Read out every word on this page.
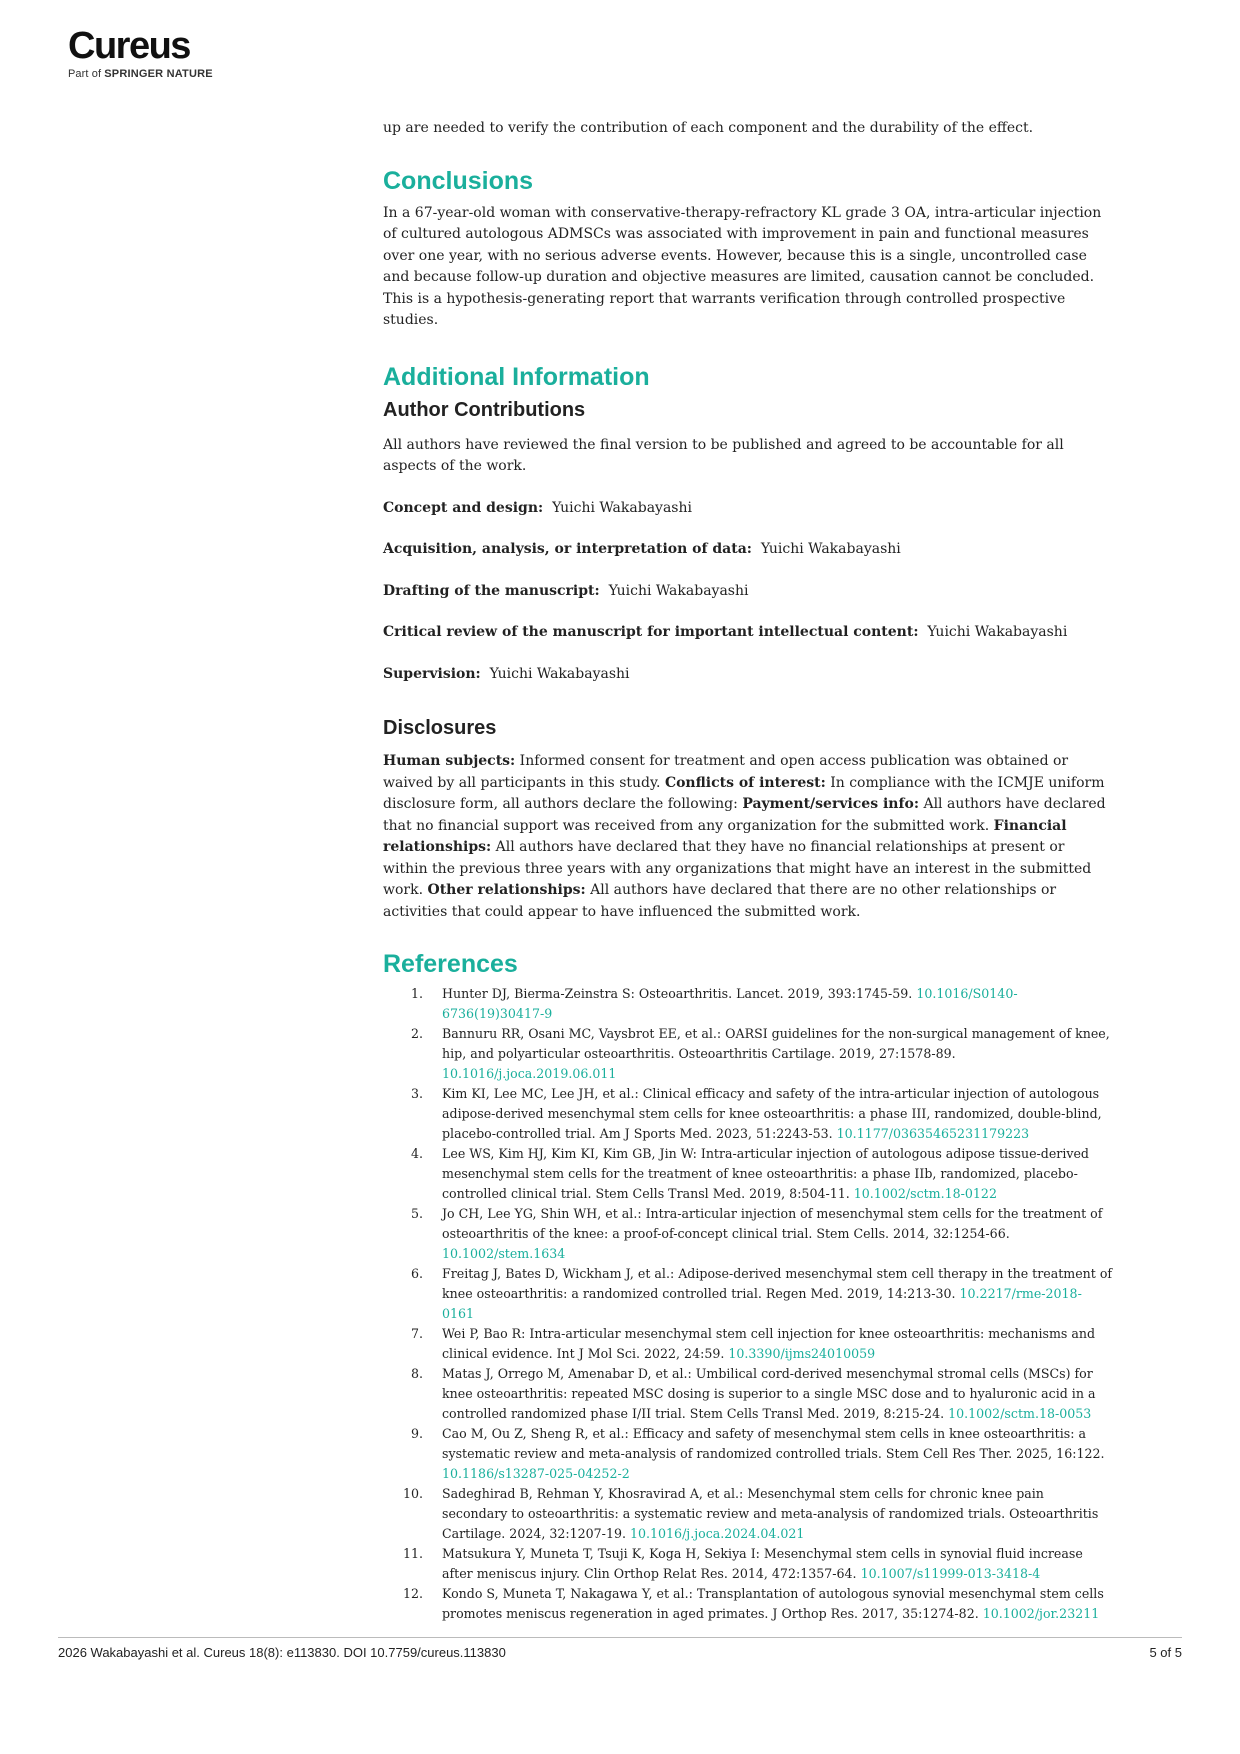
Cureus
Part of SPRINGER NATURE

up are needed to verify the contribution of each component and the durability of the effect.

Conclusions

In a 67-year-old woman with conservative-therapy-refractory KL grade 3 OA, intra-articular injection of cultured autologous ADMSCs was associated with improvement in pain and functional measures over one year, with no serious adverse events. However, because this is a single, uncontrolled case and because follow-up duration and objective measures are limited, causation cannot be concluded. This is a hypothesis-generating report that warrants verification through controlled prospective studies.

Additional Information
Author Contributions

All authors have reviewed the final version to be published and agreed to be accountable for all aspects of the work.

Concept and design: Yuichi Wakabayashi

Acquisition, analysis, or interpretation of data: Yuichi Wakabayashi

Drafting of the manuscript: Yuichi Wakabayashi

Critical review of the manuscript for important intellectual content: Yuichi Wakabayashi

Supervision: Yuichi Wakabayashi

Disclosures

Human subjects: Informed consent for treatment and open access publication was obtained or waived by all participants in this study. Conflicts of interest: In compliance with the ICMJE uniform disclosure form, all authors declare the following: Payment/services info: All authors have declared that no financial support was received from any organization for the submitted work. Financial relationships: All authors have declared that they have no financial relationships at present or within the previous three years with any organizations that might have an interest in the submitted work. Other relationships: All authors have declared that there are no other relationships or activities that could appear to have influenced the submitted work.

References
1. Hunter DJ, Bierma-Zeinstra S: Osteoarthritis. Lancet. 2019, 393:1745-59. 10.1016/S0140-6736(19)30417-9
2. Bannuru RR, Osani MC, Vaysbrot EE, et al.: OARSI guidelines for the non-surgical management of knee, hip, and polyarticular osteoarthritis. Osteoarthritis Cartilage. 2019, 27:1578-89. 10.1016/j.joca.2019.06.011
3. Kim KI, Lee MC, Lee JH, et al.: Clinical efficacy and safety of the intra-articular injection of autologous adipose-derived mesenchymal stem cells for knee osteoarthritis: a phase III, randomized, double-blind, placebo-controlled trial. Am J Sports Med. 2023, 51:2243-53. 10.1177/03635465231179223
4. Lee WS, Kim HJ, Kim KI, Kim GB, Jin W: Intra-articular injection of autologous adipose tissue-derived mesenchymal stem cells for the treatment of knee osteoarthritis: a phase IIb, randomized, placebo-controlled clinical trial. Stem Cells Transl Med. 2019, 8:504-11. 10.1002/sctm.18-0122
5. Jo CH, Lee YG, Shin WH, et al.: Intra-articular injection of mesenchymal stem cells for the treatment of osteoarthritis of the knee: a proof-of-concept clinical trial. Stem Cells. 2014, 32:1254-66. 10.1002/stem.1634
6. Freitag J, Bates D, Wickham J, et al.: Adipose-derived mesenchymal stem cell therapy in the treatment of knee osteoarthritis: a randomized controlled trial. Regen Med. 2019, 14:213-30. 10.2217/rme-2018-0161
7. Wei P, Bao R: Intra-articular mesenchymal stem cell injection for knee osteoarthritis: mechanisms and clinical evidence. Int J Mol Sci. 2022, 24:59. 10.3390/ijms24010059
8. Matas J, Orrego M, Amenabar D, et al.: Umbilical cord-derived mesenchymal stromal cells (MSCs) for knee osteoarthritis: repeated MSC dosing is superior to a single MSC dose and to hyaluronic acid in a controlled randomized phase I/II trial. Stem Cells Transl Med. 2019, 8:215-24. 10.1002/sctm.18-0053
9. Cao M, Ou Z, Sheng R, et al.: Efficacy and safety of mesenchymal stem cells in knee osteoarthritis: a systematic review and meta-analysis of randomized controlled trials. Stem Cell Res Ther. 2025, 16:122. 10.1186/s13287-025-04252-2
10. Sadeghirad B, Rehman Y, Khosravirad A, et al.: Mesenchymal stem cells for chronic knee pain secondary to osteoarthritis: a systematic review and meta-analysis of randomized trials. Osteoarthritis Cartilage. 2024, 32:1207-19. 10.1016/j.joca.2024.04.021
11. Matsukura Y, Muneta T, Tsuji K, Koga H, Sekiya I: Mesenchymal stem cells in synovial fluid increase after meniscus injury. Clin Orthop Relat Res. 2014, 472:1357-64. 10.1007/s11999-013-3418-4
12. Kondo S, Muneta T, Nakagawa Y, et al.: Transplantation of autologous synovial mesenchymal stem cells promotes meniscus regeneration in aged primates. J Orthop Res. 2017, 35:1274-82. 10.1002/jor.23211
2026 Wakabayashi et al. Cureus 18(8): e113830. DOI 10.7759/cureus.113830	5 of 5
